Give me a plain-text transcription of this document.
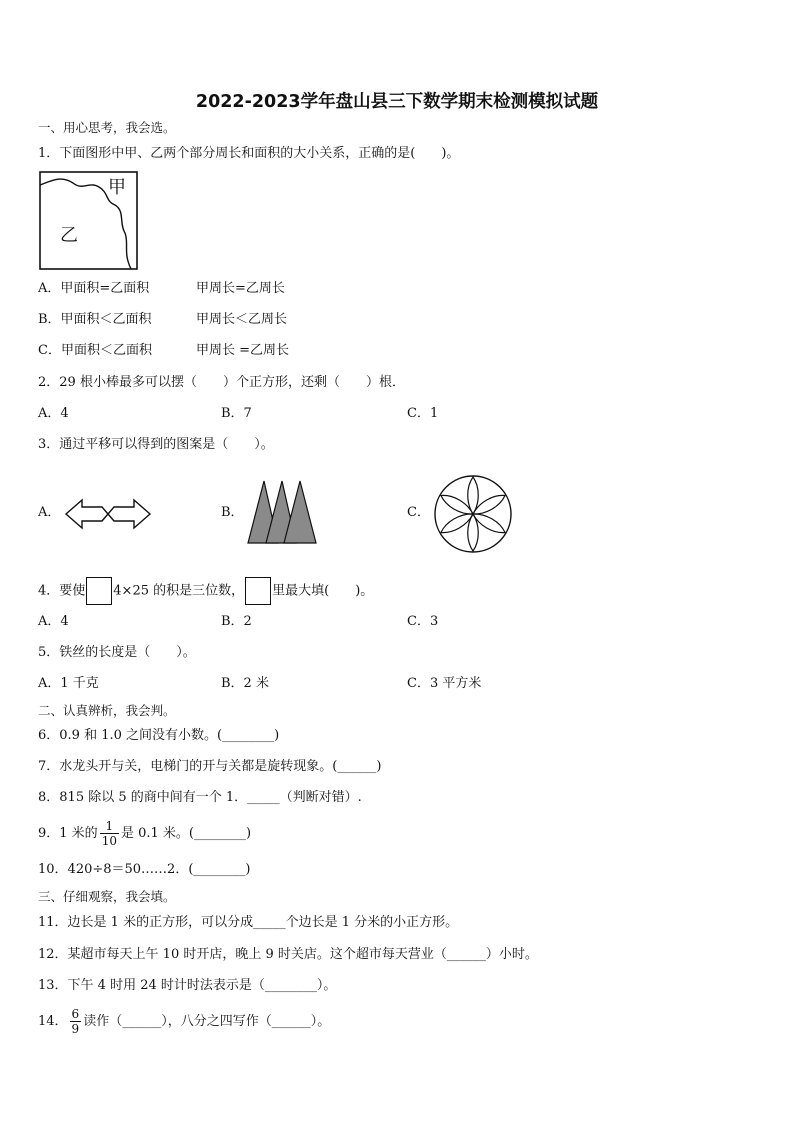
2022-2023学年盘山县三下数学期末检测模拟试题
一、用心思考，我会选。
1．下面图形中甲、乙两个部分周长和面积的大小关系，正确的是(　　)。
甲
乙
A．甲面积=乙面积	甲周长=乙周长
B．甲面积＜乙面积	甲周长＜乙周长
C．甲面积＜乙面积	甲周长 =乙周长
2．29 根小棒最多可以摆（　　）个正方形，还剩（　　）根．
A．4	B．7	C．1
3．通过平移可以得到的图案是（　　）。
A．	B．	C．
4．要使 4×25 的积是三位数， 里最大填(　　)。
A．4	B．2	C．3
5．铁丝的长度是（　　）。
A．1 千克	B．2 米	C．3 平方米
二、认真辨析，我会判。
6．0.9 和 1.0 之间没有小数。(________)
7．水龙头开与关，电梯门的开与关都是旋转现象。(______)
8．815 除以 5 的商中间有一个 1．_____（判断对错）.
9．1 米的 $\frac{1}{10}$ 是 0.1 米。(________)
10．420÷8＝50……2．(________)
三、仔细观察，我会填。
11．边长是 1 米的正方形，可以分成_____个边长是 1 分米的小正方形。
12．某超市每天上午 10 时开店，晚上 9 时关店。这个超市每天营业（______）小时。
13．下午 4 时用 24 时计时法表示是（________）。
14． $\frac{6}{9}$ 读作（______），八分之四写作（______）。
